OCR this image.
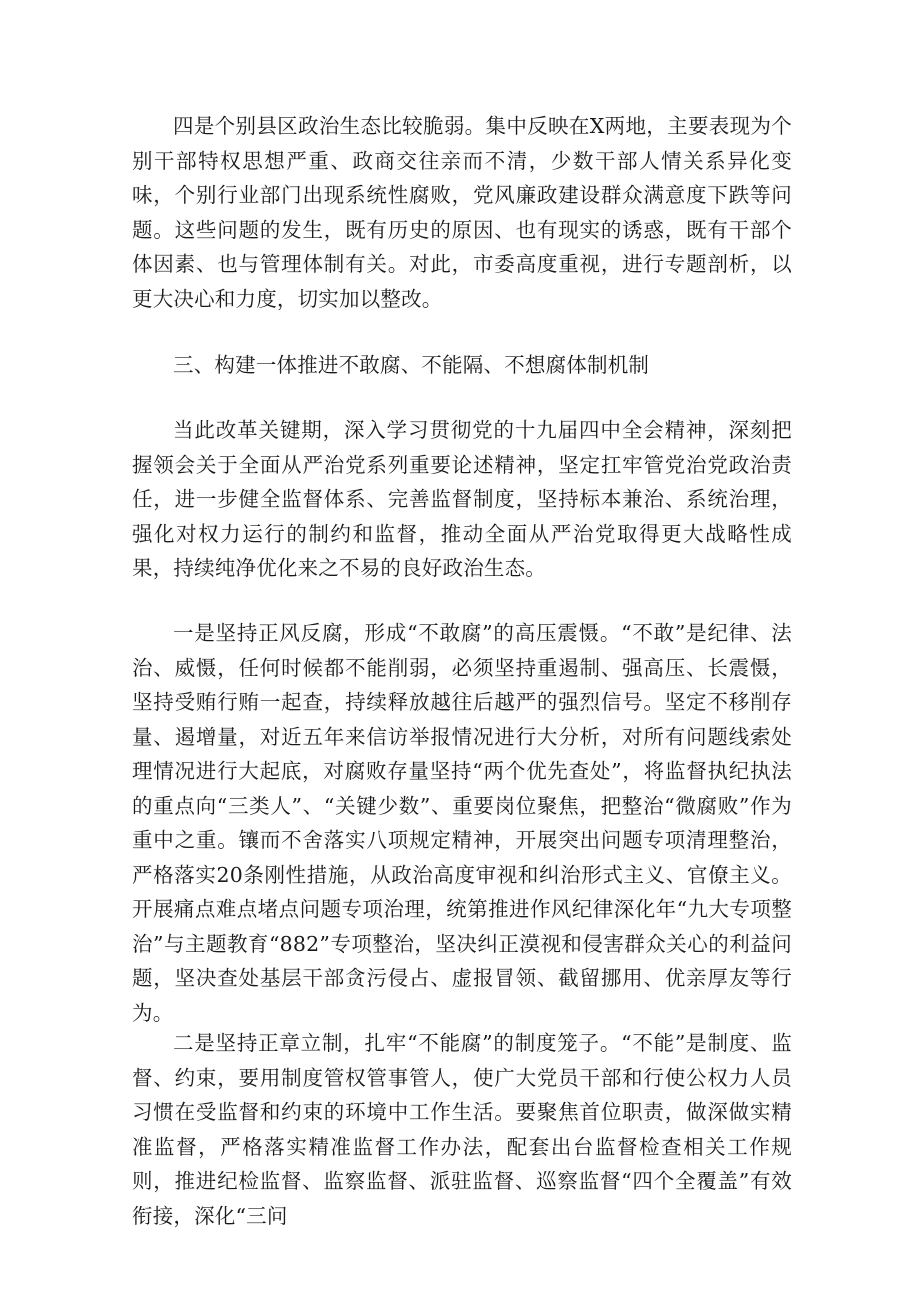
四是个别县区政治生态比较脆弱。集中反映在X两地，主要表现为个别干部特权思想严重、政商交往亲而不清，少数干部人情关系异化变味，个别行业部门出现系统性腐败，党风廉政建设群众满意度下跌等问题。这些问题的发生，既有历史的原因、也有现实的诱惑，既有干部个体因素、也与管理体制有关。对此，市委高度重视，进行专题剖析，以更大决心和力度，切实加以整改。

三、构建一体推进不敢腐、不能隔、不想腐体制机制

当此改革关键期，深入学习贯彻党的十九届四中全会精神，深刻把握领会关于全面从严治党系列重要论述精神，坚定扛牢管党治党政治责任，进一步健全监督体系、完善监督制度，坚持标本兼治、系统治理，强化对权力运行的制约和监督，推动全面从严治党取得更大战略性成果，持续纯净优化来之不易的良好政治生态。

一是坚持正风反腐，形成“不敢腐”的高压震慑。“不敢”是纪律、法治、威慑，任何时候都不能削弱，必须坚持重遏制、强高压、长震慑，坚持受贿行贿一起查，持续释放越往后越严的强烈信号。坚定不移削存量、遏增量，对近五年来信访举报情况进行大分析，对所有问题线索处理情况进行大起底，对腐败存量坚持“两个优先查处”，将监督执纪执法的重点向“三类人”、“关键少数”、重要岗位聚焦，把整治“微腐败”作为重中之重。镶而不舍落实八项规定精神，开展突出问题专项清理整治，严格落实20条刚性措施，从政治高度审视和纠治形式主义、官僚主义。开展痛点难点堵点问题专项治理，统第推进作风纪律深化年“九大专项整治”与主题教育“882”专项整治，坚决纠正漠视和侵害群众关心的利益问题，坚决查处基层干部贪污侵占、虚报冒领、截留挪用、优亲厚友等行为。

二是坚持正章立制，扎牢“不能腐”的制度笼子。“不能”是制度、监督、约束，要用制度管权管事管人，使广大党员干部和行使公权力人员习惯在受监督和约束的环境中工作生活。要聚焦首位职责，做深做实精准监督，严格落实精准监督工作办法，配套出台监督检查相关工作规则，推进纪检监督、监察监督、派驻监督、巡察监督“四个全覆盖”有效衔接，深化“三问
